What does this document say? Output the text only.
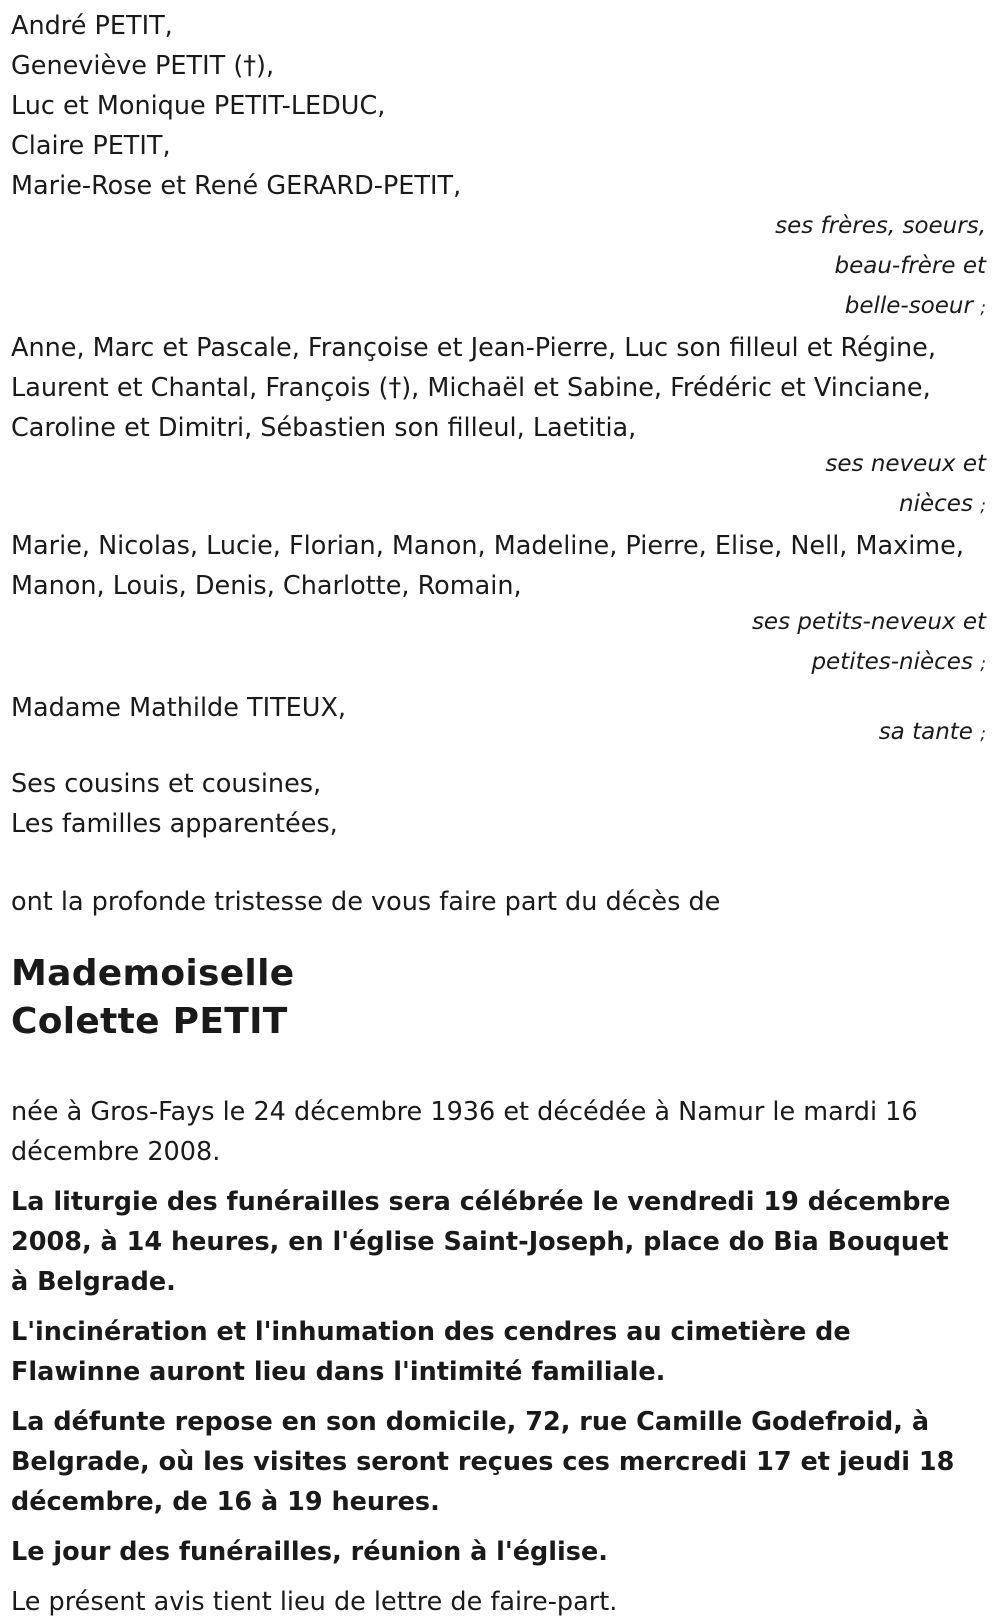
André PETIT,

Geneviève PETIT (†),

Luc et Monique PETIT-LEDUC,

Claire PETIT,

Marie-Rose et René GERARD-PETIT,

ses frères, soeurs,

beau-frère et

belle-soeur ;

Anne, Marc et Pascale, Françoise et Jean-Pierre, Luc son filleul et Régine,

Laurent et Chantal, François (†), Michaël et Sabine, Frédéric et Vinciane,

Caroline et Dimitri, Sébastien son filleul, Laetitia,

ses neveux et

nièces ;

Marie, Nicolas, Lucie, Florian, Manon, Madeline, Pierre, Elise, Nell, Maxime,

Manon, Louis, Denis, Charlotte, Romain,

ses petits-neveux et

petites-nièces ;

Madame Mathilde TITEUX,

sa tante ;

Ses cousins et cousines,

Les familles apparentées,

ont la profonde tristesse de vous faire part du décès de

Mademoiselle
Colette PETIT

née à Gros-Fays le 24 décembre 1936 et décédée à Namur le mardi 16 décembre 2008.

La liturgie des funérailles sera célébrée le vendredi 19 décembre 2008, à 14 heures, en l'église Saint-Joseph, place do Bia Bouquet à Belgrade.

L'incinération et l'inhumation des cendres au cimetière de Flawinne auront lieu dans l'intimité familiale.

La défunte repose en son domicile, 72, rue Camille Godefroid, à Belgrade, où les visites seront reçues ces mercredi 17 et jeudi 18 décembre, de 16 à 19 heures.

Le jour des funérailles, réunion à l'église.

Le présent avis tient lieu de lettre de faire-part.
